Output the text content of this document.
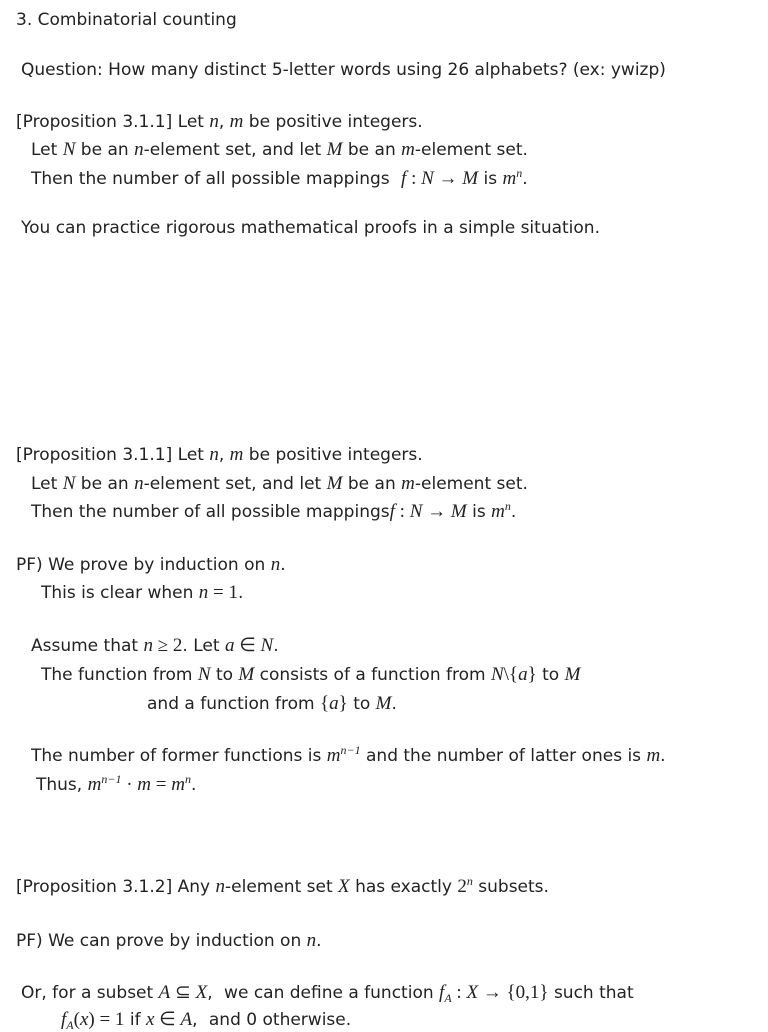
3. Combinatorial counting
Question: How many distinct 5-letter words using 26 alphabets? (ex: ywizp)
[Proposition 3.1.1] Let n, m be positive integers.
Let N be an n-element set, and let M be an m-element set.
Then the number of all possible mappings f : N → M is $m^n$.
You can practice rigorous mathematical proofs in a simple situation.
[Proposition 3.1.1] Let n, m be positive integers.
Let N be an n-element set, and let M be an m-element set.
Then the number of all possible mappingsf : N → M is $m^n$.
PF) We prove by induction on n.
This is clear when n = 1.
Assume that n ≥ 2. Let a ∈ N.
The function from N to M consists of a function from N\{a} to M
and a function from {a} to M.
The number of former functions is $m^{n-1}$ and the number of latter ones is m.
Thus, $m^{n-1} \cdot m = m^n$.
[Proposition 3.1.2] Any n-element set X has exactly 2$^n$ subsets.
PF) We can prove by induction on n.
Or, for a subset A ⊆ X, we can define a function $f_A$ : X → {0,1} such that
$f_A(x) = 1$ if x ∈ A, and 0 otherwise.
